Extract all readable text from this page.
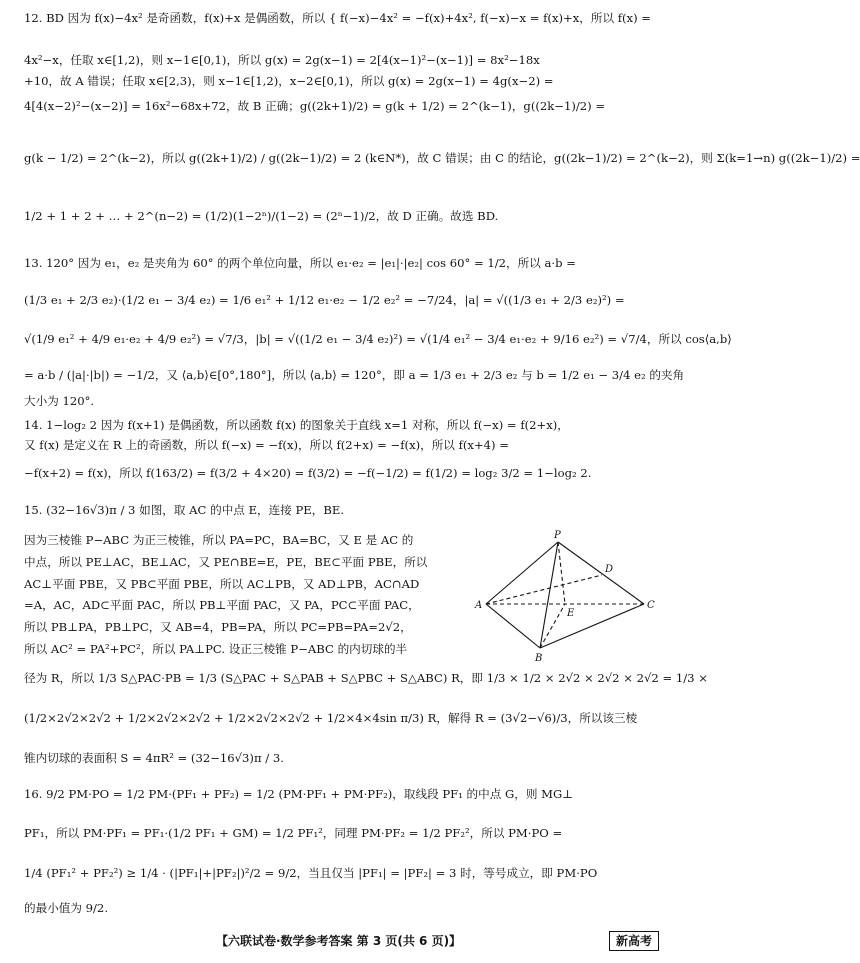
12. BD 因为 f(x)−4x² 是奇函数，f(x)+x 是偶函数，所以 { f(−x)−4x² = −f(x)+4x², f(−x)−x = f(x)+x，所以 f(x) =
4x²−x，任取 x∈[1,2)，则 x−1∈[0,1)，所以 g(x) = 2g(x−1) = 2[4(x−1)²−(x−1)] = 8x²−18x
+10，故 A 错误；任取 x∈[2,3)，则 x−1∈[1,2)，x−2∈[0,1)，所以 g(x) = 2g(x−1) = 4g(x−2) =
4[4(x−2)²−(x−2)] = 16x²−68x+72，故 B 正确；g((2k+1)/2) = g(k + 1/2) = 2^(k−1)，g((2k−1)/2) =
g(k − 1/2) = 2^(k−2)，所以 g((2k+1)/2) / g((2k−1)/2) = 2 (k∈N*)，故 C 错误；由 C 的结论，g((2k−1)/2) = 2^(k−2)，则 Σ(k=1→n) g((2k−1)/2) =
1/2 + 1 + 2 + … + 2^(n−2) = (1/2)(1−2ⁿ)/(1−2) = (2ⁿ−1)/2，故 D 正确。故选 BD.
13. 120° 因为 e₁，e₂ 是夹角为 60° 的两个单位向量，所以 e₁·e₂ = |e₁|·|e₂| cos 60° = 1/2，所以 a·b =
(1/3 e₁ + 2/3 e₂)·(1/2 e₁ − 3/4 e₂) = 1/6 e₁² + 1/12 e₁·e₂ − 1/2 e₂² = −7/24，|a| = √((1/3 e₁ + 2/3 e₂)²) =
√(1/9 e₁² + 4/9 e₁·e₂ + 4/9 e₂²) = √7/3，|b| = √((1/2 e₁ − 3/4 e₂)²) = √(1/4 e₁² − 3/4 e₁·e₂ + 9/16 e₂²) = √7/4，所以 cos⟨a,b⟩
= a·b / (|a|·|b|) = −1/2，又 ⟨a,b⟩∈[0°,180°]，所以 ⟨a,b⟩ = 120°，即 a = 1/3 e₁ + 2/3 e₂ 与 b = 1/2 e₁ − 3/4 e₂ 的夹角
大小为 120°.
14. 1−log₂ 2 因为 f(x+1) 是偶函数，所以函数 f(x) 的图象关于直线 x=1 对称，所以 f(−x) = f(2+x)，
又 f(x) 是定义在 R 上的奇函数，所以 f(−x) = −f(x)，所以 f(2+x) = −f(x)，所以 f(x+4) =
−f(x+2) = f(x)，所以 f(163/2) = f(3/2 + 4×20) = f(3/2) = −f(−1/2) = f(1/2) = log₂ 3/2 = 1−log₂ 2.
15. (32−16√3)π / 3 如图，取 AC 的中点 E，连接 PE，BE.
因为三棱锥 P−ABC 为正三棱锥，所以 PA=PC，BA=BC，又 E 是 AC 的
中点，所以 PE⊥AC，BE⊥AC，又 PE∩BE=E，PE，BE⊂平面 PBE，所以
AC⊥平面 PBE，又 PB⊂平面 PBE，所以 AC⊥PB，又 AD⊥PB，AC∩AD
=A，AC，AD⊂平面 PAC，所以 PB⊥平面 PAC，又 PA，PC⊂平面 PAC，
所以 PB⊥PA，PB⊥PC，又 AB=4，PB=PA，所以 PC=PB=PA=2√2，
所以 AC² = PA²+PC²，所以 PA⊥PC. 设正三棱锥 P−ABC 的内切球的半
径为 R，所以 1/3 S△PAC·PB = 1/3 (S△PAC + S△PAB + S△PBC + S△ABC) R，即 1/3 × 1/2 × 2√2 × 2√2 × 2√2 = 1/3 ×
(1/2×2√2×2√2 + 1/2×2√2×2√2 + 1/2×2√2×2√2 + 1/2×4×4sin π/3) R，解得 R = (3√2−√6)/3，所以该三棱
锥内切球的表面积 S = 4πR² = (32−16√3)π / 3.
P
D
A
E
C
B
16. 9/2 PM·PO = 1/2 PM·(PF₁ + PF₂) = 1/2 (PM·PF₁ + PM·PF₂)，取线段 PF₁ 的中点 G，则 MG⊥
PF₁，所以 PM·PF₁ = PF₁·(1/2 PF₁ + GM) = 1/2 PF₁²，同理 PM·PF₂ = 1/2 PF₂²，所以 PM·PO =
1/4 (PF₁² + PF₂²) ≥ 1/4 · (|PF₁|+|PF₂|)²/2 = 9/2，当且仅当 |PF₁| = |PF₂| = 3 时，等号成立，即 PM·PO
的最小值为 9/2.
【六联试卷·数学参考答案 第 3 页(共 6 页)】	新高考
